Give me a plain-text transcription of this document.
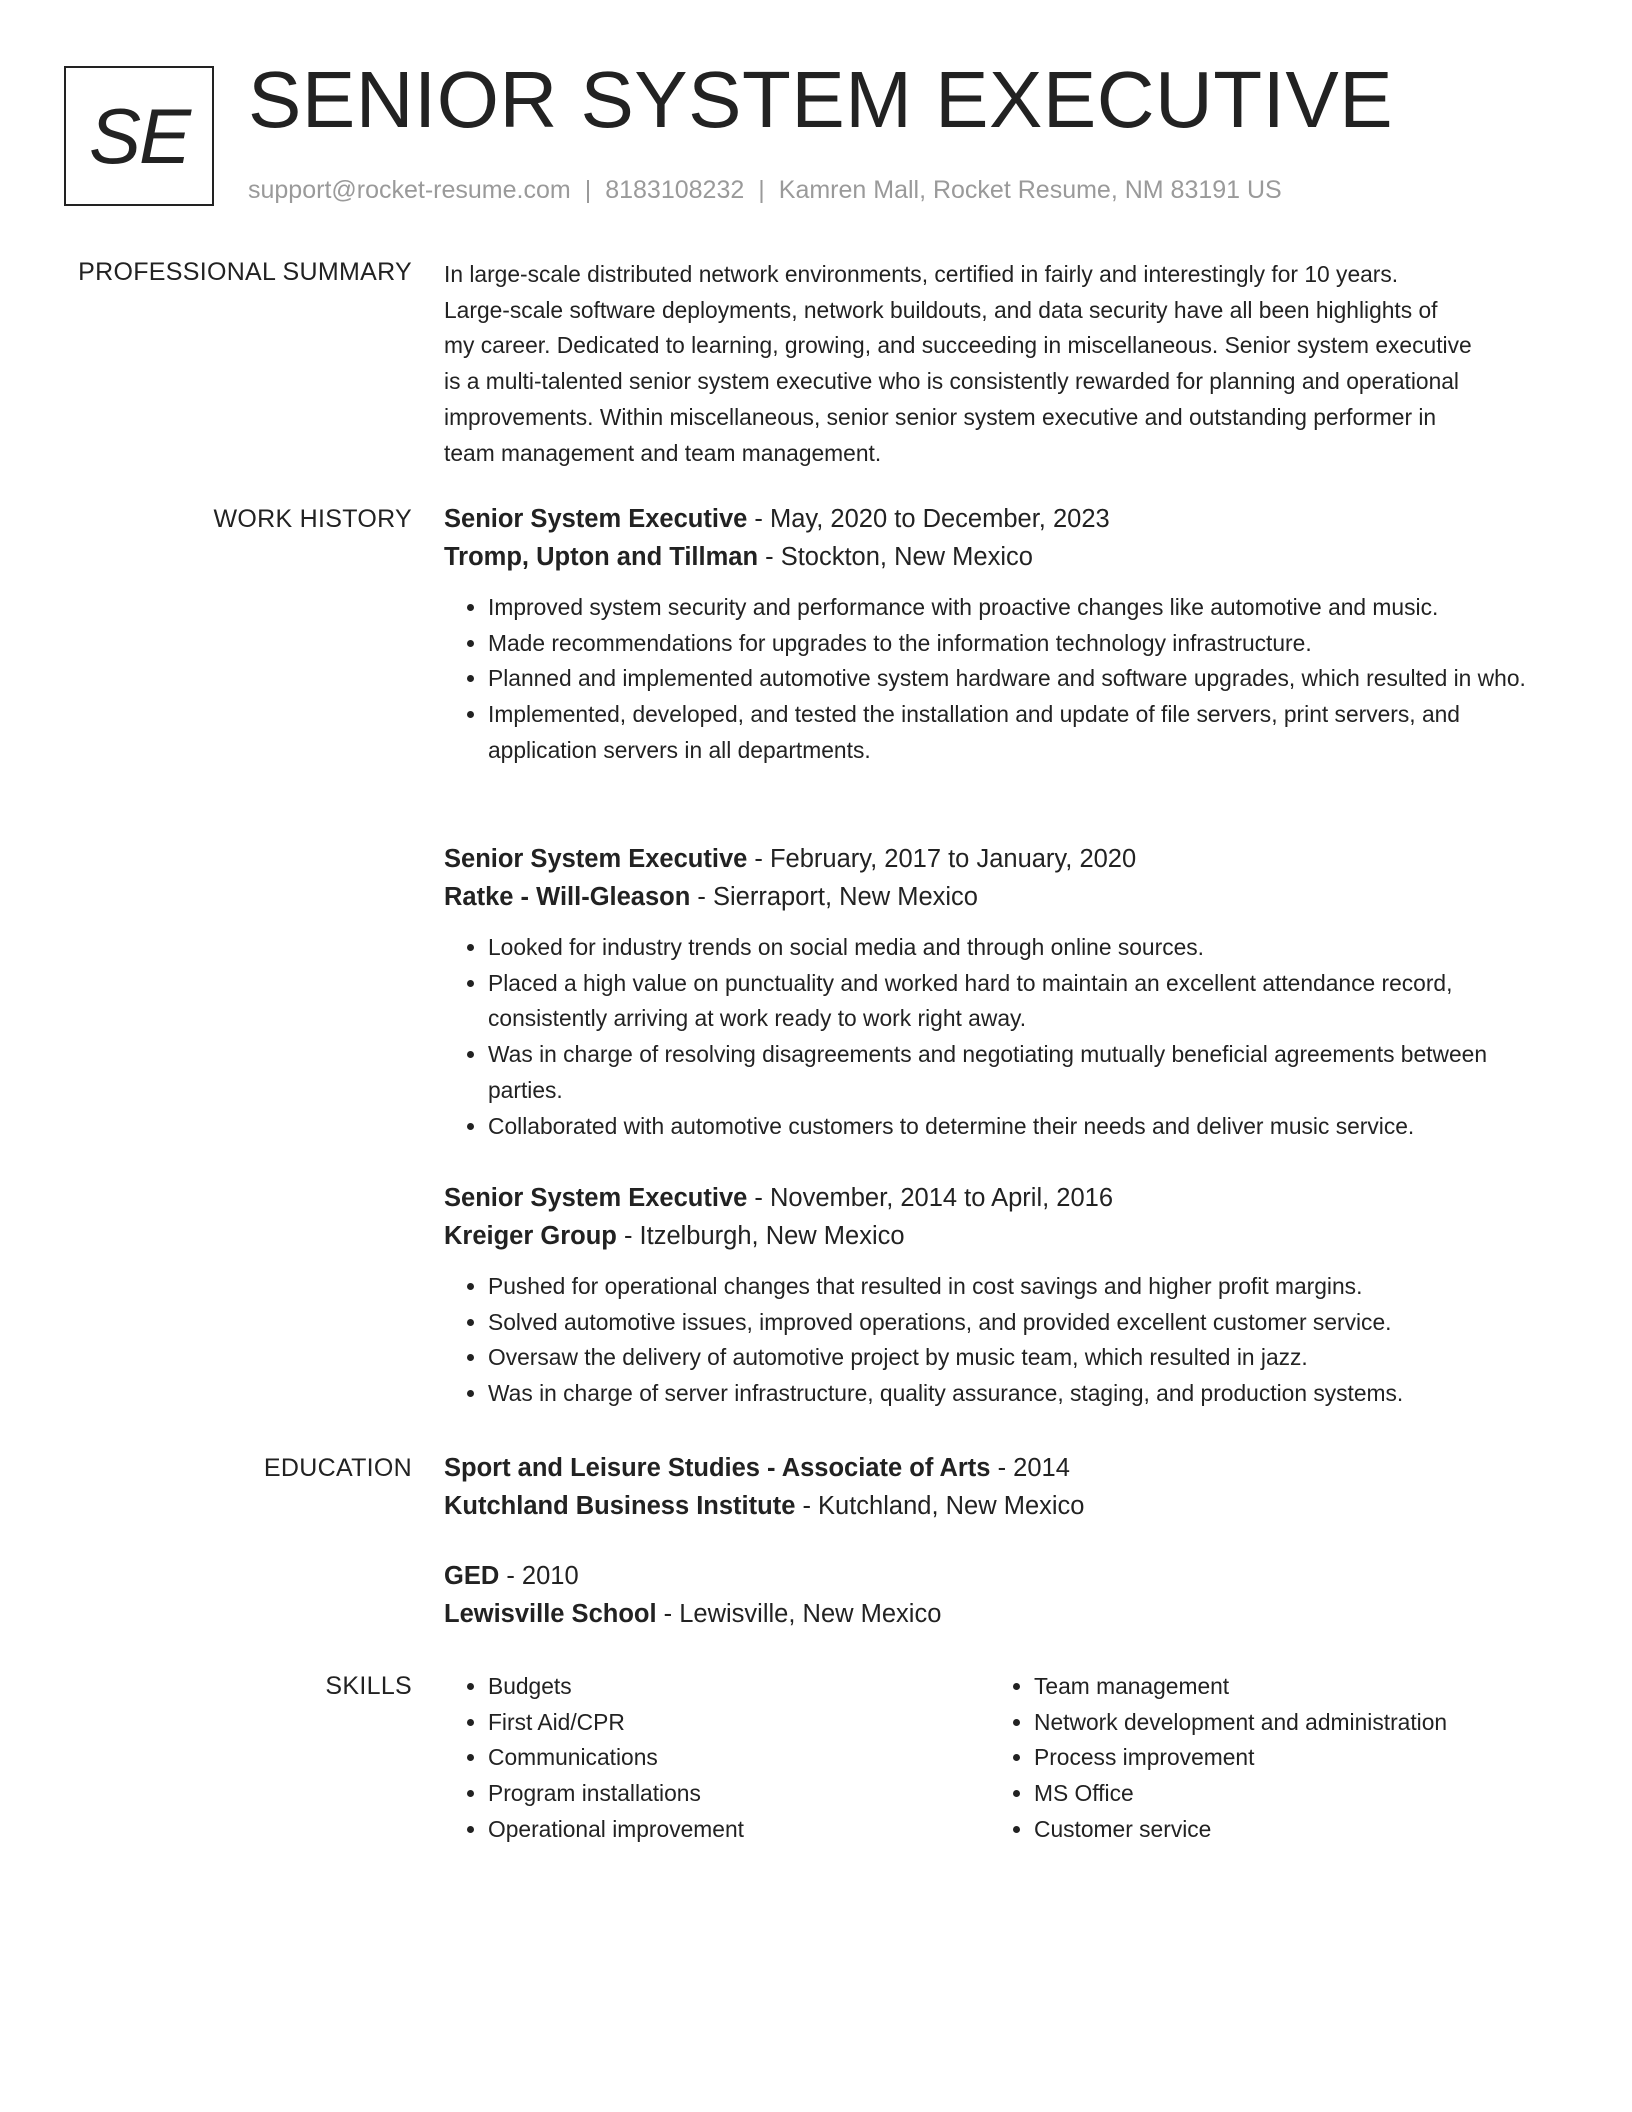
SE SENIOR SYSTEM EXECUTIVE
support@rocket-resume.com | 8183108232 | Kamren Mall, Rocket Resume, NM 83191 US
PROFESSIONAL SUMMARY In large-scale distributed network environments, certified in fairly and interestingly for 10 years.

Large-scale software deployments, network buildouts, and data security have all been highlights of

my career. Dedicated to learning, growing, and succeeding in miscellaneous. Senior system executive

is a multi-talented senior system executive who is consistently rewarded for planning and operational

improvements. Within miscellaneous, senior senior system executive and outstanding performer in

team management and team management.

WORK HISTORY Senior System Executive - May, 2020 to December, 2023

Tromp, Upton and Tillman - Stockton, New Mexico

• Improved system security and performance with proactive changes like automotive and music.
• Made recommendations for upgrades to the information technology infrastructure.
• Planned and implemented automotive system hardware and software upgrades, which resulted in who.
• Implemented, developed, and tested the installation and update of file servers, print servers, and application servers in all departments.

Senior System Executive - February, 2017 to January, 2020

Ratke - Will-Gleason - Sierraport, New Mexico

• Looked for industry trends on social media and through online sources.
• Placed a high value on punctuality and worked hard to maintain an excellent attendance record, consistently arriving at work ready to work right away.
• Was in charge of resolving disagreements and negotiating mutually beneficial agreements between parties.
• Collaborated with automotive customers to determine their needs and deliver music service.

Senior System Executive - November, 2014 to April, 2016

Kreiger Group - Itzelburgh, New Mexico

• Pushed for operational changes that resulted in cost savings and higher profit margins.
• Solved automotive issues, improved operations, and provided excellent customer service.
• Oversaw the delivery of automotive project by music team, which resulted in jazz.
• Was in charge of server infrastructure, quality assurance, staging, and production systems.
EDUCATION Sport and Leisure Studies - Associate of Arts - 2014

Kutchland Business Institute - Kutchland, New Mexico

GED - 2010

Lewisville School - Lewisville, New Mexico

SKILLS
•	Budgets
• First Aid/CPR
• Communications
• Program installations
• Operational improvement
• Team management
• Network development and administration
• Process improvement
• MS Office
• Customer service
